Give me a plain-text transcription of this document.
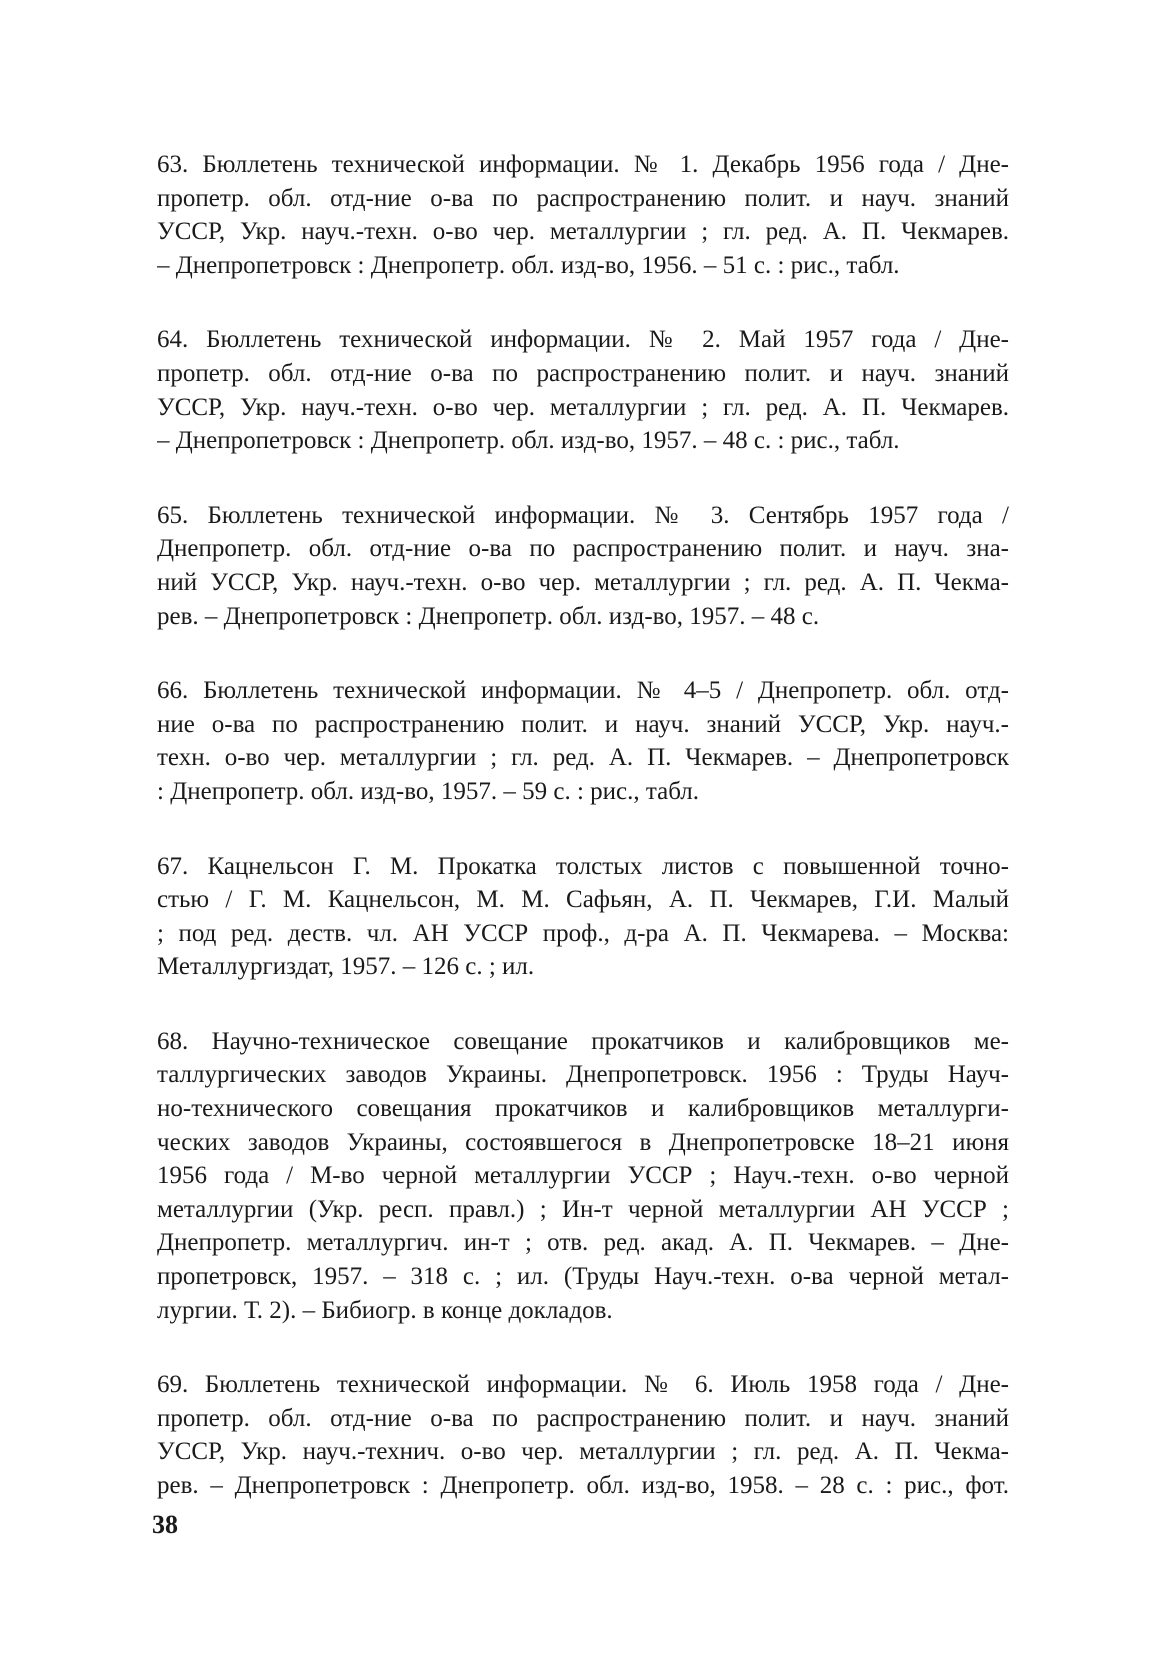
63. Бюллетень технической информации. № 1. Декабрь 1956 года / Дне-
пропетр. обл. отд-ние о-ва по распространению полит. и науч. знаний
УССР, Укр. науч.-техн. о-во чер. металлургии ; гл. ред. А. П. Чекмарев.
– Днепропетровск : Днепропетр. обл. изд-во, 1956. – 51 с. : рис., табл.
64. Бюллетень технической информации. № 2. Май 1957 года / Дне-
пропетр. обл. отд-ние о-ва по распространению полит. и науч. знаний
УССР, Укр. науч.-техн. о-во чер. металлургии ; гл. ред. А. П. Чекмарев.
– Днепропетровск : Днепропетр. обл. изд-во, 1957. – 48 с. : рис., табл.
65. Бюллетень технической информации. № 3. Сентябрь 1957 года /
Днепропетр. обл. отд-ние о-ва по распространению полит. и науч. зна-
ний УССР, Укр. науч.-техн. о-во чер. металлургии ; гл. ред. А. П. Чекма-
рев. – Днепропетровск : Днепропетр. обл. изд-во, 1957. – 48 с.
66. Бюллетень технической информации. № 4–5 / Днепропетр. обл. отд-
ние о-ва по распространению полит. и науч. знаний УССР, Укр. науч.-
техн. о-во чер. металлургии ; гл. ред. А. П. Чекмарев. – Днепропетровск
: Днепропетр. обл. изд-во, 1957. – 59 с. : рис., табл.
67. Кацнельсон Г. М. Прокатка толстых листов с повышенной точно-
стью / Г. М. Кацнельсон, М. М. Сафьян, А. П. Чекмарев, Г.И. Малый
; под ред. деств. чл. АН УССР проф., д-ра А. П. Чекмарева. – Москва:
Металлургиздат, 1957. – 126 с. ; ил.
68. Научно-техническое совещание прокатчиков и калибровщиков ме-
таллургических заводов Украины. Днепропетровск. 1956 : Труды Науч-
но-технического совещания прокатчиков и калибровщиков металлурги-
ческих заводов Украины, состоявшегося в Днепропетровске 18–21 июня
1956 года / М-во черной металлургии УССР ; Науч.-техн. о-во черной
металлургии (Укр. респ. правл.) ; Ин-т черной металлургии АН УССР ;
Днепропетр. металлургич. ин-т ; отв. ред. акад. А. П. Чекмарев. – Дне-
пропетровск, 1957. – 318 с. ; ил. (Труды Науч.-техн. о-ва черной метал-
лургии. Т. 2). – Бибиогр. в конце докладов.
69. Бюллетень технической информации. № 6. Июль 1958 года / Дне-
пропетр. обл. отд-ние о-ва по распространению полит. и науч. знаний
УССР, Укр. науч.-технич. о-во чер. металлургии ; гл. ред. А. П. Чекма-
рев. – Днепропетровск : Днепропетр. обл. изд-во, 1958. – 28 с. : рис., фот.
38
